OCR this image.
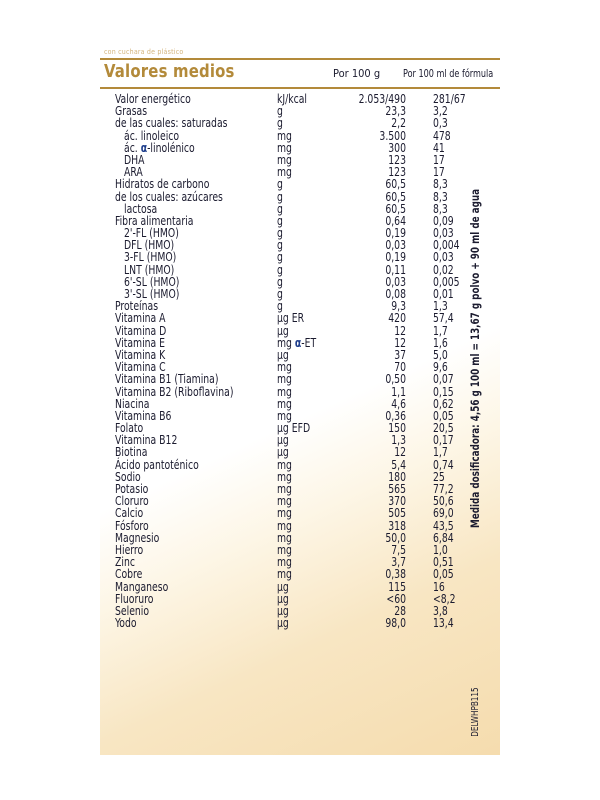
Valores medios	Por 100 g Por 100 ml de fórmula
Valor energético	kJ/kcal	2.053/490 281/67
Grasas	g	23,3 3,2
de las cuales: saturadas	g	2,2 0,3
ác. linoleico	mg	3.500 478
ác. α-linolénico	mg	300 41
DHA	mg	123 17
ARA	mg	123 17
Hidratos de carbono	g	60,5 8,3
de los cuales: azúcares	g	60,5 8,3
lactosa	g	60,5 8,3
Fibra alimentaria	g	0,64 0,09
2'-FL (HMO)	g	0,19 0,03
DFL (HMO)	g	0,03 0,004
3-FL (HMO)	g	0,19 0,03
LNT (HMO)	g	0,11 0,02
6'-SL (HMO)	g	0,03 0,005
3'-SL (HMO)	g	0,08 0,01
Proteínas	g	9,3 1,3
Vitamina A	µg ER	420 57,4
Vitamina D	µg	12 1,7
Vitamina E	mg α-ET	12 1,6
Vitamina K	µg	37 5,0
Vitamina C	mg	70 9,6
Vitamina B1 (Tiamina)	mg	0,50 0,07
Vitamina B2 (Riboflavina)	mg	1,1 0,15
Niacina	mg	4,6 0,62
Vitamina B6	mg	0,36 0,05
Folato	µg EFD	150 20,5
Vitamina B12	µg	1,3 0,17
Biotina	µg	12 1,7
Ácido pantoténico	mg	5,4 0,74
Sodio	mg	180 25
Potasio	mg	565 77,2
Cloruro	mg	370 50,6
Calcio	mg	505 69,0
Fósforo	mg	318 43,5
Magnesio	mg	50,0 6,84
Hierro	mg	7,5 1,0
Zinc	mg	3,7 0,51
Cobre	mg	0,38 0,05
Manganeso	µg	115 16
Fluoruro	µg	<60 <8,2
Selenio	µg	28 3,8
Yodo	µg	98,0 13,4
con cuchara de plástico
Medida dosificadora: 4,56 g 100 ml = 13,67 g polvo + 90 ml de agua
DELWHPB115
